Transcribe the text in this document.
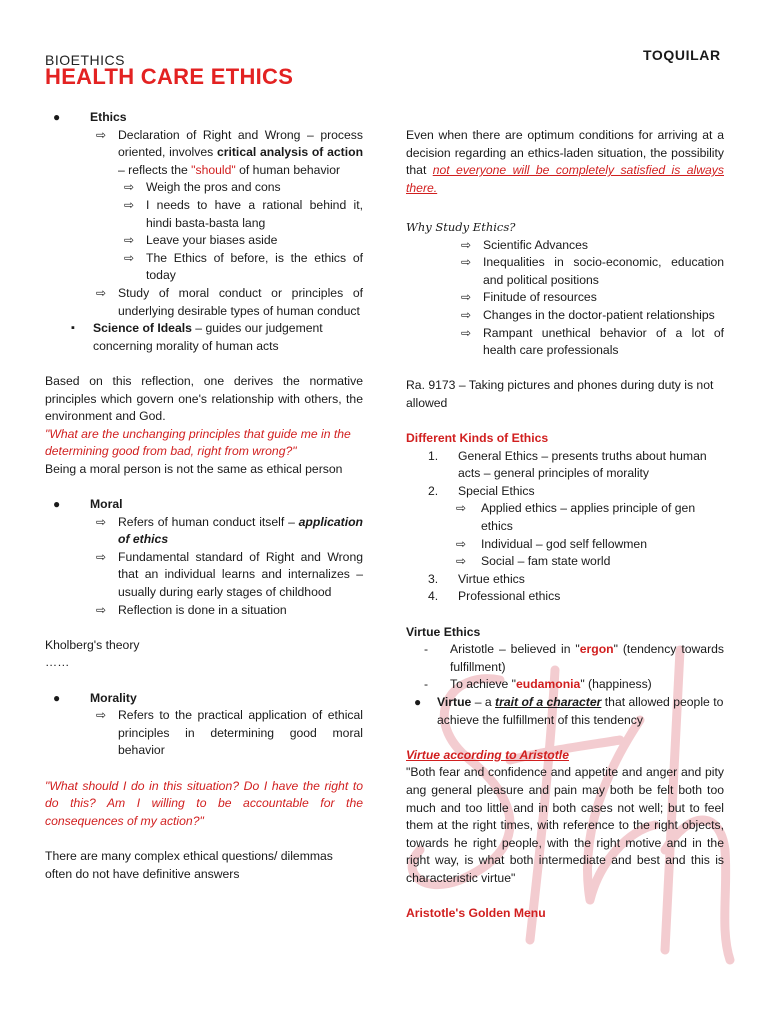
BIOETHICS
HEALTH CARE ETHICS
TOQUILAR
●	Ethics
⇨ Declaration of Right and Wrong – process oriented, involves critical analysis of action – reflects the "should" of human behavior
⇨ Weigh the pros and cons
⇨ I needs to have a rational behind it, hindi basta-basta lang
⇨ Leave your biases aside
⇨ The Ethics of before, is the ethics of today
⇨ Study of moral conduct or principles of underlying desirable types of human conduct
▪	Science of Ideals – guides our judgement concerning morality of human acts

Based on this reflection, one derives the normative principles which govern one's relationship with others, the environment and God.

"What are the unchanging principles that guide me in the determining good from bad, right from wrong?"

Being a moral person is not the same as ethical person

●	Moral
⇨ Refers of human conduct itself – application of ethics
⇨ Fundamental standard of Right and Wrong that an individual learns and internalizes – usually during early stages of childhood
⇨ Reflection is done in a situation

Kholberg's theory

……

●	Morality
⇨ Refers to the practical application of ethical principles in determining good moral behavior

"What should I do in this situation? Do I have the right to do this? Am I willing to be accountable for the consequences of my action?"

There are many complex ethical questions/ dilemmas often do not have definitive answers

Even when there are optimum conditions for arriving at a decision regarding an ethics-laden situation, the possibility that not everyone will be completely satisfied is always there.

Why Study Ethics?

⇨ Scientific Advances
⇨ Inequalities in socio-economic, education and political positions
⇨ Finitude of resources
⇨ Changes in the doctor-patient relationships
⇨ Rampant unethical behavior of a lot of health care professionals

Ra. 9173 – Taking pictures and phones during duty is not allowed

Different Kinds of Ethics

1.	General Ethics – presents truths about human acts – general principles of morality
2.	Special Ethics
⇨	Applied ethics – applies principle of gen ethics
⇨	Individual – god self fellowmen
⇨	Social – fam state world
3.	Virtue ethics
4.	Professional ethics

Virtue Ethics

-	Aristotle – believed in "ergon" (tendency towards fulfillment)
-	To achieve "eudamonia" (happiness)
●	Virtue – a trait of a character that allowed people to achieve the fulfillment of this tendency

Virtue according to Aristotle

"Both fear and confidence and appetite and anger and pity ang general pleasure and pain may both be felt both too much and too little and in both cases not well; but to feel them at the right times, with reference to the right objects, towards he right people, with the right motive and in the right way, is what both intermediate and best and this is characteristic virtue"

Aristotle's Golden Menu
